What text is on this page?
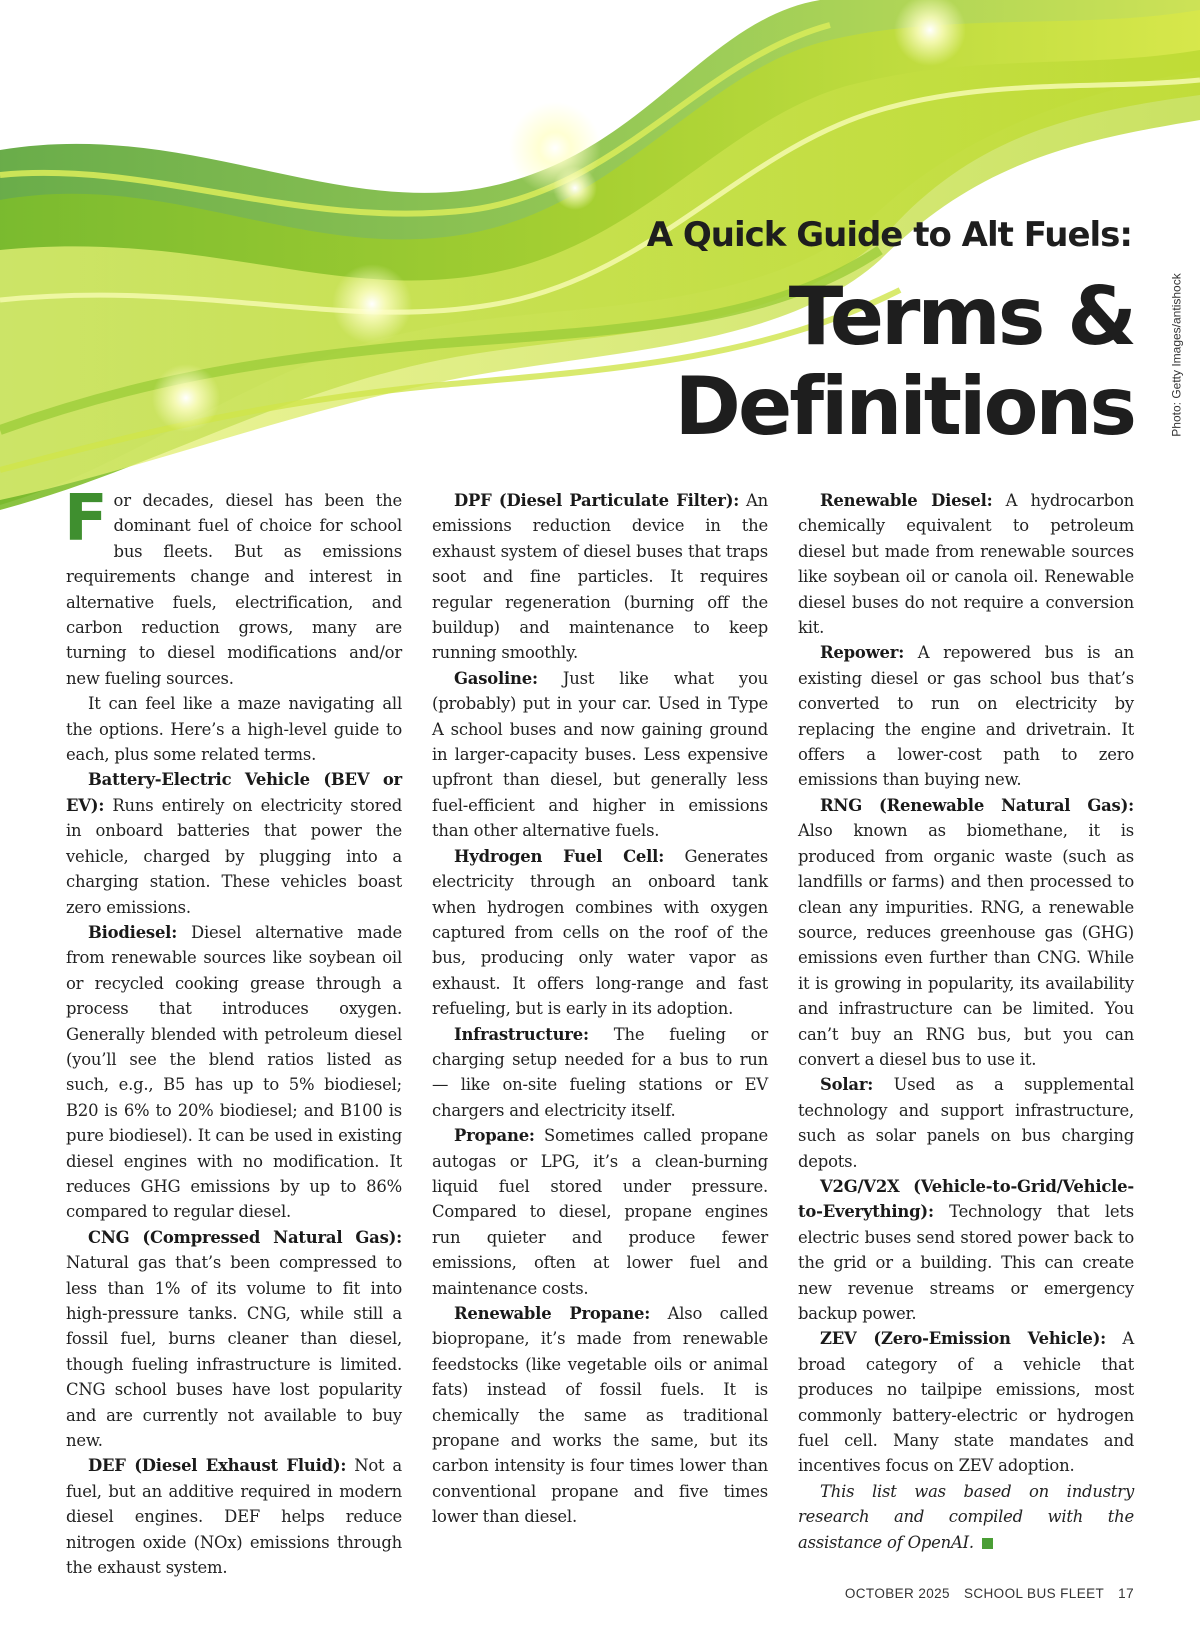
A Quick Guide to Alt Fuels:

Terms &
Definitions	Photo: Getty Images/antishock

For decades, diesel has been the dominant fuel of choice for school bus fleets. But as emissions requirements change and interest in alternative fuels, electrification, and carbon reduction grows, many are turning to diesel modifications and/or new fueling sources.

It can feel like a maze navigating all the options. Here’s a high-level guide to each, plus some related terms.

Battery-Electric Vehicle (BEV or EV): Runs entirely on electricity stored in onboard batteries that power the vehicle, charged by plugging into a charging station. These vehicles boast zero emissions.

Biodiesel: Diesel alternative made from renewable sources like soybean oil or recycled cooking grease through a process that introduces oxygen. Generally blended with petroleum diesel (you’ll see the blend ratios listed as such, e.g., B5 has up to 5% biodiesel; B20 is 6% to 20% biodiesel; and B100 is pure biodiesel). It can be used in existing diesel engines with no modification. It reduces GHG emissions by up to 86% compared to regular diesel.

CNG (Compressed Natural Gas): Natural gas that’s been compressed to less than 1% of its volume to fit into high-pressure tanks. CNG, while still a fossil fuel, burns cleaner than diesel, though fueling infrastructure is limited. CNG school buses have lost popularity and are currently not available to buy new.

DEF (Diesel Exhaust Fluid): Not a fuel, but an additive required in modern diesel engines. DEF helps reduce nitrogen oxide (NOx) emissions through the exhaust system.

DPF (Diesel Particulate Filter): An emissions reduction device in the exhaust system of diesel buses that traps soot and fine particles. It requires regular regeneration (burning off the buildup) and maintenance to keep running smoothly.

Gasoline: Just like what you (probably) put in your car. Used in Type A school buses and now gaining ground in larger-capacity buses. Less expensive upfront than diesel, but generally less fuel-efficient and higher in emissions than other alternative fuels.

Hydrogen Fuel Cell: Generates electricity through an onboard tank when hydrogen combines with oxygen captured from cells on the roof of the bus, producing only water vapor as exhaust. It offers long-range and fast refueling, but is early in its adoption.

Infrastructure: The fueling or charging setup needed for a bus to run — like on-site fueling stations or EV chargers and electricity itself.

Propane: Sometimes called propane autogas or LPG, it’s a clean-burning liquid fuel stored under pressure. Compared to diesel, propane engines run quieter and produce fewer emissions, often at lower fuel and maintenance costs.

Renewable Propane: Also called biopropane, it’s made from renewable feedstocks (like vegetable oils or animal fats) instead of fossil fuels. It is chemically the same as traditional propane and works the same, but its carbon intensity is four times lower than conventional propane and five times lower than diesel.

Renewable Diesel: A hydrocarbon chemically equivalent to petroleum diesel but made from renewable sources like soybean oil or canola oil. Renewable diesel buses do not require a conversion kit.

Repower: A repowered bus is an existing diesel or gas school bus that’s converted to run on electricity by replacing the engine and drivetrain. It offers a lower-cost path to zero emissions than buying new.

RNG (Renewable Natural Gas): Also known as biomethane, it is produced from organic waste (such as landfills or farms) and then processed to clean any impurities. RNG, a renewable source, reduces greenhouse gas (GHG) emissions even further than CNG. While it is growing in popularity, its availability and infrastructure can be limited. You can’t buy an RNG bus, but you can convert a diesel bus to use it.

Solar: Used as a supplemental technology and support infrastructure, such as solar panels on bus charging depots.

V2G/V2X (Vehicle-to-Grid/Vehicle-to-Everything): Technology that lets electric buses send stored power back to the grid or a building. This can create new revenue streams or emergency backup power.

ZEV (Zero-Emission Vehicle): A broad category of a vehicle that produces no tailpipe emissions, most commonly battery-electric or hydrogen fuel cell. Many state mandates and incentives focus on ZEV adoption.

This list was based on industry research and compiled with the assistance of OpenAI.

OCTOBER 2025 SCHOOL BUS FLEET 17
